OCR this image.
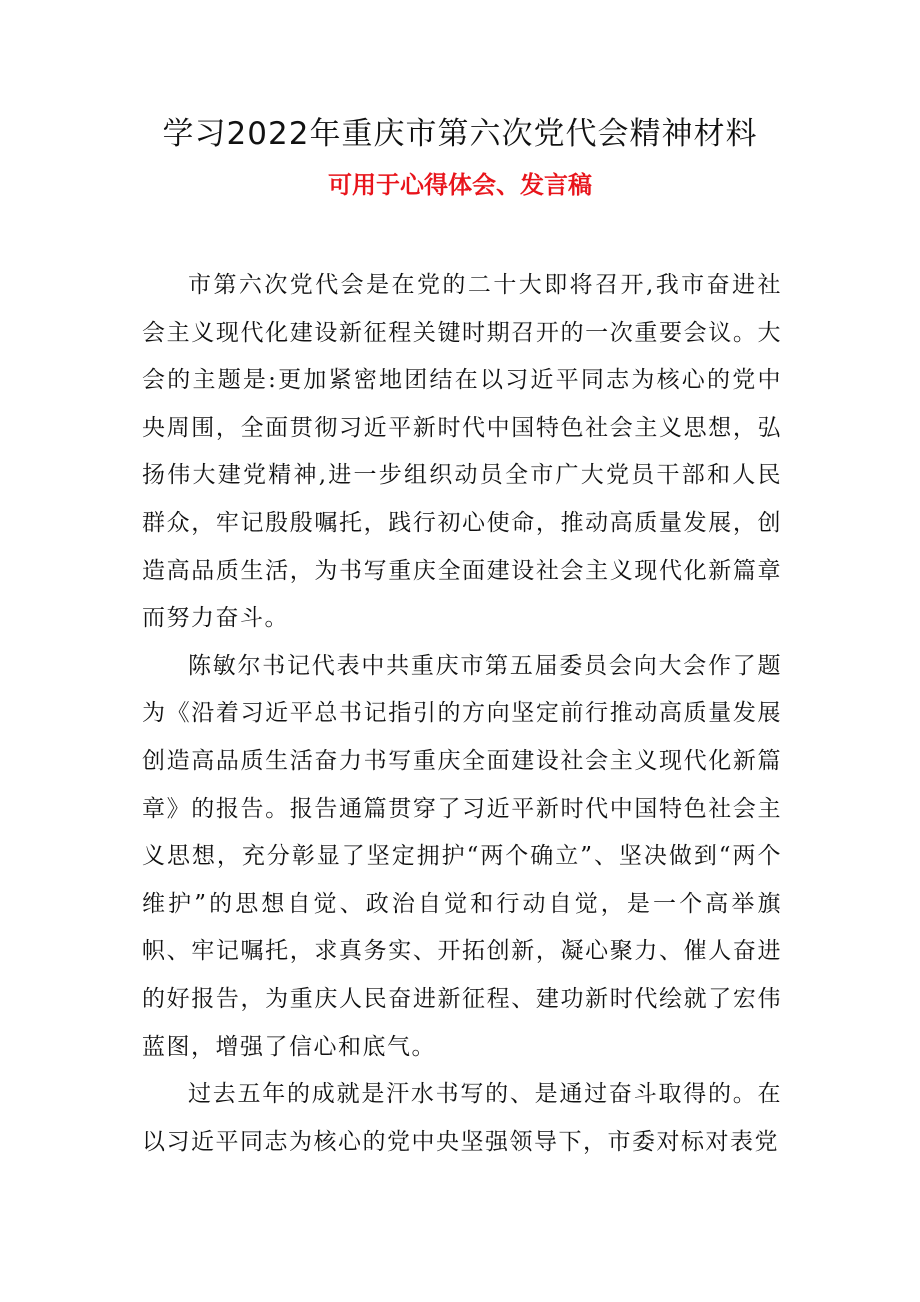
学习2022年重庆市第六次党代会精神材料
可用于心得体会、发言稿

市第六次党代会是在党的二十大即将召开,我市奋进社会主义现代化建设新征程关键时期召开的一次重要会议。大会的主题是:更加紧密地团结在以习近平同志为核心的党中央周围，全面贯彻习近平新时代中国特色社会主义思想，弘扬伟大建党精神,进一步组织动员全市广大党员干部和人民群众，牢记殷殷嘱托，践行初心使命，推动高质量发展，创造高品质生活，为书写重庆全面建设社会主义现代化新篇章而努力奋斗。

陈敏尔书记代表中共重庆市第五届委员会向大会作了题为《沿着习近平总书记指引的方向坚定前行推动高质量发展创造高品质生活奋力书写重庆全面建设社会主义现代化新篇章》的报告。报告通篇贯穿了习近平新时代中国特色社会主义思想，充分彰显了坚定拥护“两个确立”、坚决做到“两个维护”的思想自觉、政治自觉和行动自觉，是一个高举旗帜、牢记嘱托，求真务实、开拓创新，凝心聚力、催人奋进的好报告，为重庆人民奋进新征程、建功新时代绘就了宏伟蓝图，增强了信心和底气。

过去五年的成就是汗水书写的、是通过奋斗取得的。在以习近平同志为核心的党中央坚强领导下，市委对标对表党
